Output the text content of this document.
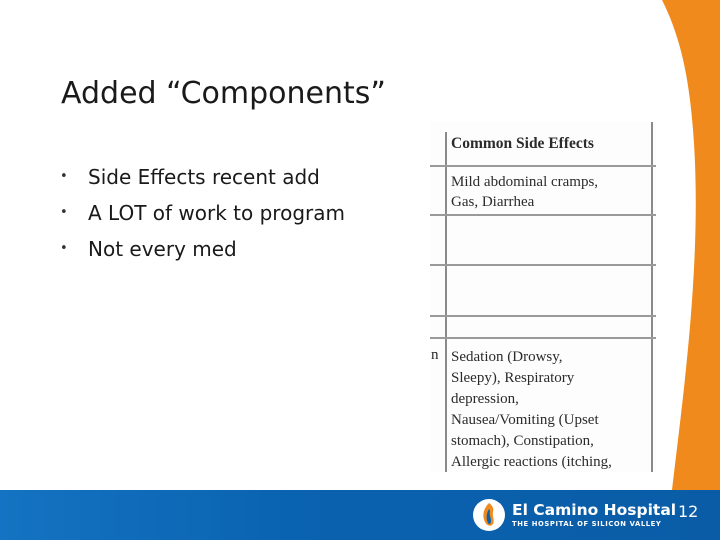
Added “Components”
• Side Effects recent add
• A LOT of work to program
• Not every med
Common Side Effects
Mild abdominal cramps,
Gas, Diarrhea
n Sedation (Drowsy,
Sleepy), Respiratory
depression,
Nausea/Vomiting (Upset
stomach), Constipation,
Allergic reactions (itching,
El Camino Hospital
THE HOSPITAL OF SILICON VALLEY
12
